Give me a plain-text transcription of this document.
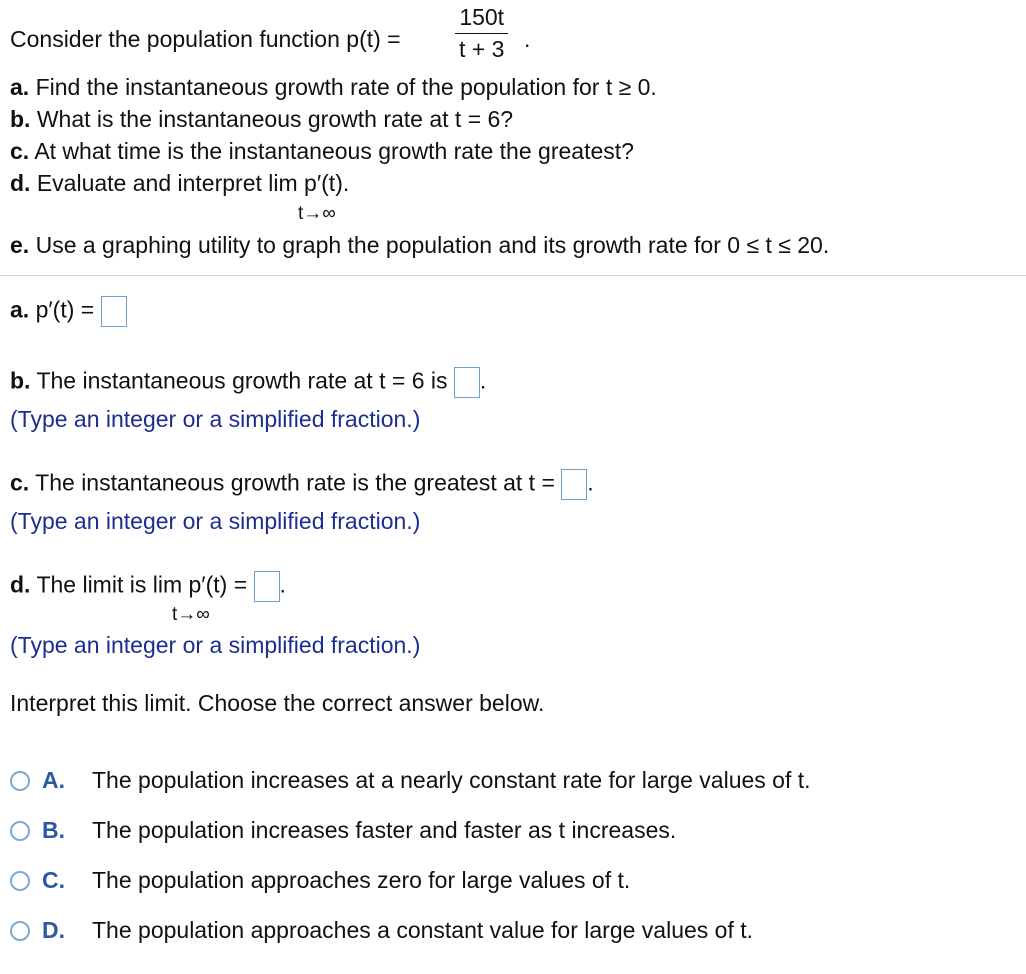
Consider the population function p(t) =
150t
t + 3 .
a. Find the instantaneous growth rate of the population for t ≥ 0.
b. What is the instantaneous growth rate at t = 6?
c. At what time is the instantaneous growth rate the greatest?
d. Evaluate and interpret lim p′(t).
t→∞
e. Use a graphing utility to graph the population and its growth rate for 0 ≤ t ≤ 20.
a. p′(t) =
b. The instantaneous growth rate at t = 6 is .
(Type an integer or a simplified fraction.)
c. The instantaneous growth rate is the greatest at t = .
(Type an integer or a simplified fraction.)
d. The limit is lim p′(t) = .
t→∞
(Type an integer or a simplified fraction.)
Interpret this limit. Choose the correct answer below.
A.	The population increases at a nearly constant rate for large values of t.
B.	The population increases faster and faster as t increases.
C.	The population approaches zero for large values of t.
D.	The population approaches a constant value for large values of t.
